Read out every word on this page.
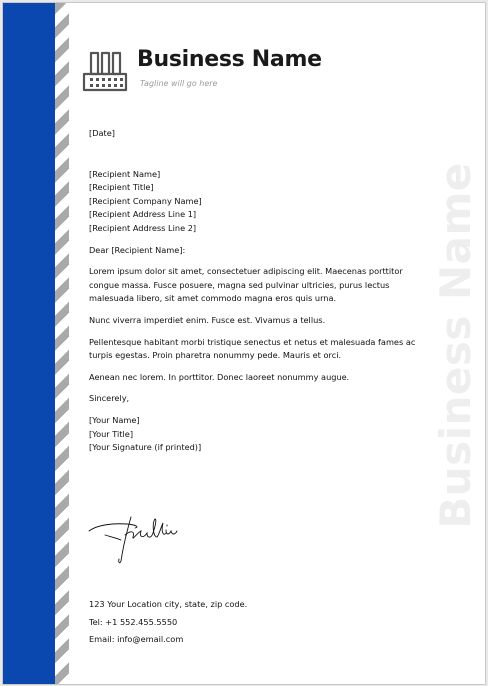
Business Name
Tagline will go here
Business Name

[Date]

[Recipient Name]
[Recipient Title]
[Recipient Company Name]
[Recipient Address Line 1]
[Recipient Address Line 2]

Dear [Recipient Name]:

Lorem ipsum dolor sit amet, consectetuer adipiscing elit. Maecenas porttitor congue massa. Fusce posuere, magna sed pulvinar ultricies, purus lectus malesuada libero, sit amet commodo magna eros quis urna.

Nunc viverra imperdiet enim. Fusce est. Vivamus a tellus.

Pellentesque habitant morbi tristique senectus et netus et malesuada fames ac turpis egestas. Proin pharetra nonummy pede. Mauris et orci.

Aenean nec lorem. In porttitor. Donec laoreet nonummy augue.

Sincerely,

[Your Name]
[Your Title]
[Your Signature (if printed)]
123 Your Location city, state, zip code.
Tel: +1 552.455.5550
Email: info@email.com
